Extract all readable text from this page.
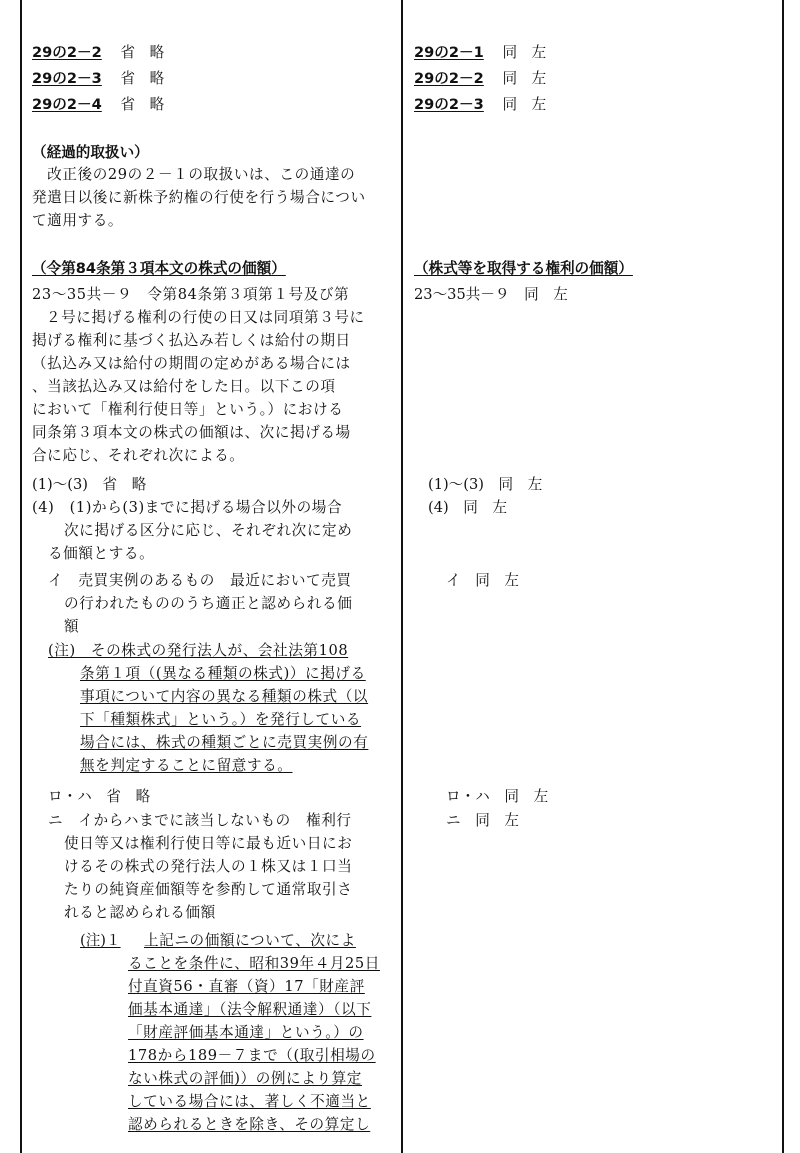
29の2－2 省　略
29の2－3 省　略
29の2－4 省　略
（経過的取扱い）
　改正後の29の２－１の取扱いは、この通達の
発遣日以後に新株予約権の行使を行う場合につい
て適用する。
（令第84条第３項本文の株式の価額）
23～35共－９　令第84条第３項第１号及び第
２号に掲げる権利の行使の日又は同項第３号に
掲げる権利に基づく払込み若しくは給付の期日
（払込み又は給付の期間の定めがある場合には
、当該払込み又は給付をした日。以下この項
において「権利行使日等」という。）における
同条第３項本文の株式の価額は、次に掲げる場
合に応じ、それぞれ次による。
(1)～(3)　省　略
(4)　(1)から(3)までに掲げる場合以外の場合
次に掲げる区分に応じ、それぞれ次に定め
る価額とする。
イ　売買実例のあるもの　最近において売買
の行われたもののうち適正と認められる価
額
(注)　その株式の発行法人が、会社法第108
条第１項（(異なる種類の株式)）に掲げる
事項について内容の異なる種類の株式（以
下「種類株式」という。）を発行している
場合には、株式の種類ごとに売買実例の有
無を判定することに留意する。
ロ・ハ　省　略
ニ　イからハまでに該当しないもの　権利行
使日等又は権利行使日等に最も近い日にお
けるその株式の発行法人の１株又は１口当
たりの純資産価額等を参酌して通常取引さ
れると認められる価額
(注)１ 上記ニの価額について、次によ
ることを条件に、昭和39年４月25日
付直資56・直審（資）17「財産評
価基本通達」（法令解釈通達）（以下
「財産評価基本通達」という。）の
178から189－７まで（(取引相場の
ない株式の評価)）の例により算定
している場合には、著しく不適当と
認められるときを除き、その算定し
29の2－1 同　左
29の2－2 同　左
29の2－3 同　左
（株式等を取得する権利の価額）
23～35共－９　同　左
(1)～(3)　同　左
(4)　同　左
イ　同　左
ロ・ハ　同　左
ニ　同　左
